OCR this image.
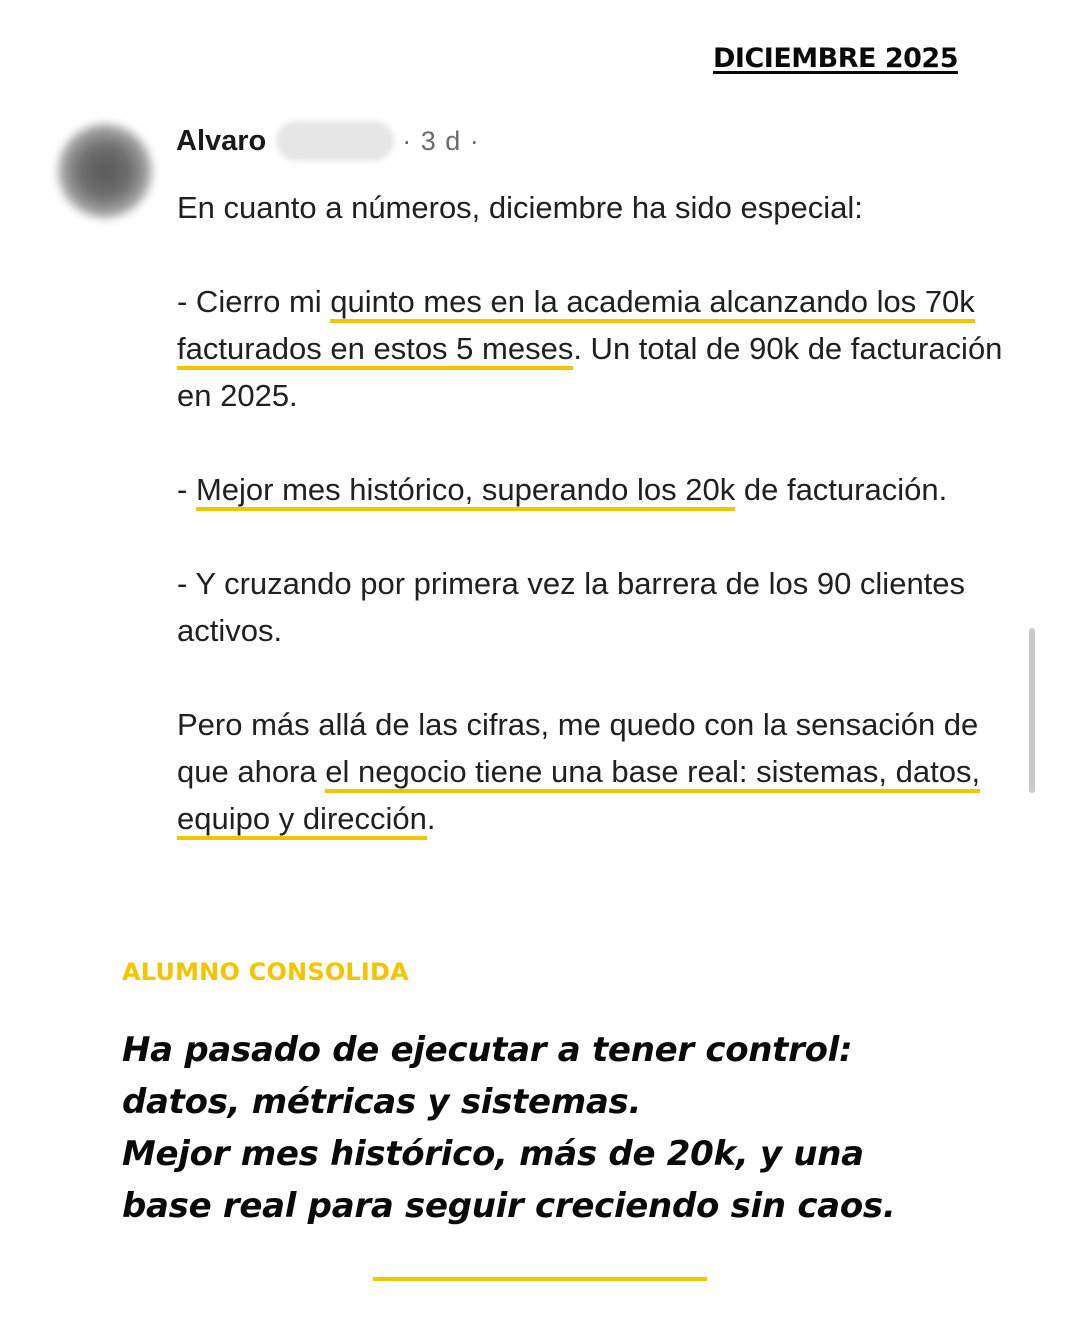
DICIEMBRE 2025
Alvaro	· 3 d ·

En cuanto a números, diciembre ha sido especial:

- Cierro mi quinto mes en la academia alcanzando los 70k facturados en estos 5 meses. Un total de 90k de facturación en 2025.

- Mejor mes histórico, superando los 20k de facturación.

- Y cruzando por primera vez la barrera de los 90 clientes activos.

Pero más allá de las cifras, me quedo con la sensación de que ahora el negocio tiene una base real: sistemas, datos, equipo y dirección.

ALUMNO CONSOLIDA

Ha pasado de ejecutar a tener control:
datos, métricas y sistemas.
Mejor mes histórico, más de 20k, y una
base real para seguir creciendo sin caos.
